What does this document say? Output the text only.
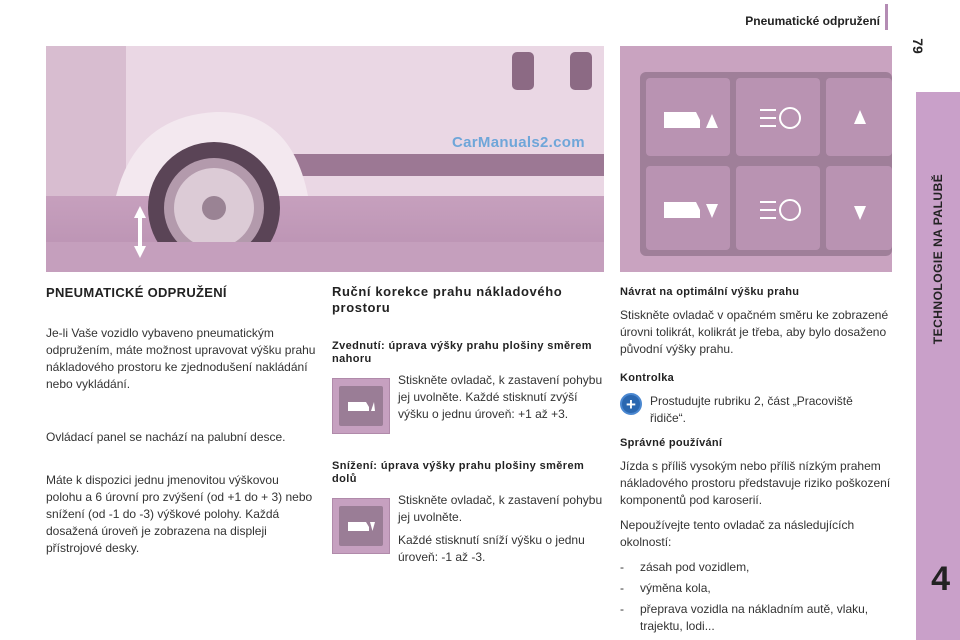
Pneumatické odpružení
79
TECHNOLOGIE NA PALUBĚ
4
CarManuals2.com
PNEUMATICKÉ ODPRUŽENÍ
Je-li Vaše vozidlo vybaveno pneumatickým odpružením, máte možnost upravovat výšku prahu nákladového prostoru ke zjednodušení nakládání nebo vykládání.
Ovládací panel se nachází na palubní desce.
Máte k dispozici jednu jmenovitou výškovou polohu a 6 úrovní pro zvýšení (od +1 do + 3) nebo snížení (od -1 do -3) výškové polohy. Každá dosažená úroveň je zobrazena na displeji přístrojové desky.
Ruční korekce prahu nákladového prostoru
Zvednutí: úprava výšky prahu plošiny směrem nahoru
Stiskněte ovladač, k zastavení pohybu jej uvolněte. Každé stisknutí zvýší výšku o jednu úroveň: +1 až +3.
Snížení: úprava výšky prahu plošiny směrem dolů
Stiskněte ovladač, k zastavení pohybu jej uvolněte.
Každé stisknutí sníží výšku o jednu úroveň: -1 až -3.
Návrat na optimální výšku prahu
Stiskněte ovladač v opačném směru ke zobrazené úrovni tolikrát, kolikrát je třeba, aby bylo dosaženo původní výšky prahu.
Kontrolka
+	Prostudujte rubriku 2, část „Pracoviště řidiče“.
Správné používání
Jízda s příliš vysokým nebo příliš nízkým prahem nákladového prostoru představuje riziko poškození komponentů pod karoserií.
Nepoužívejte tento ovladač za následujících okolností:
-	zásah pod vozidlem,
-	výměna kola,
-	přeprava vozidla na nákladním autě, vlaku, trajektu, lodi...
